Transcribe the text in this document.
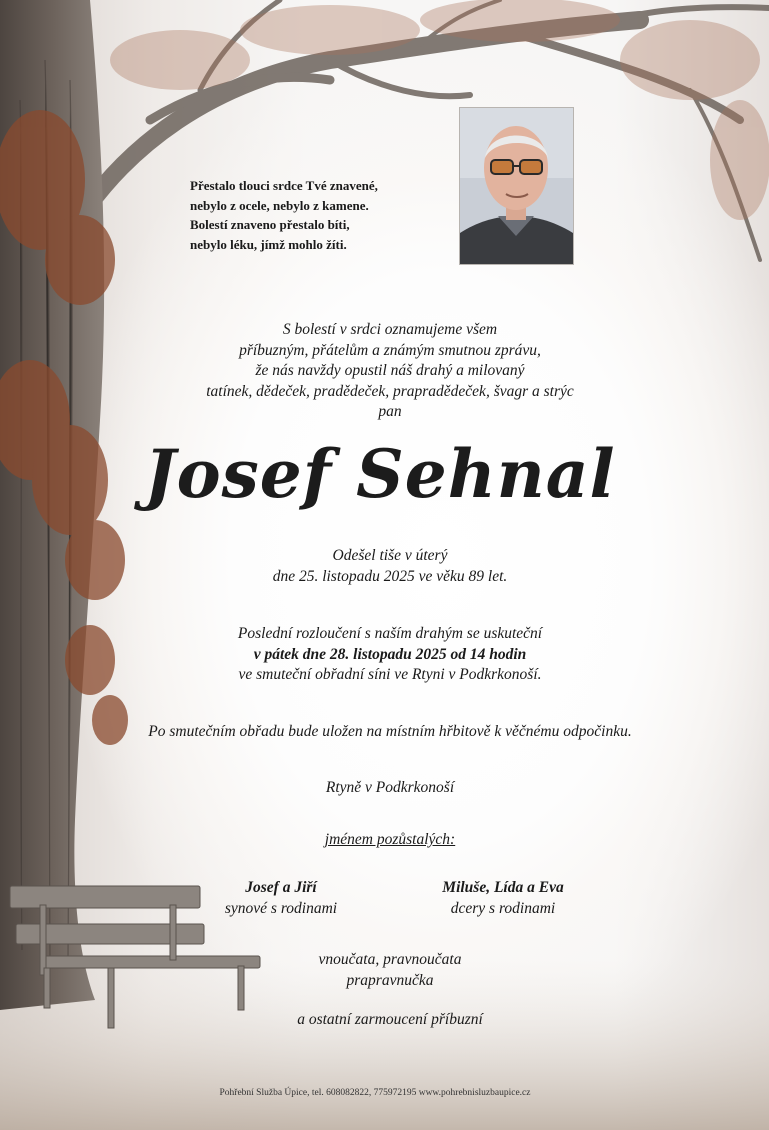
Přestalo tlouci srdce Tvé znavené,
nebylo z ocele, nebylo z kamene.
Bolestí znaveno přestalo bíti,
nebylo léku, jímž mohlo žíti.
S bolestí v srdci oznamujeme všem
příbuzným, přátelům a známým smutnou zprávu,
že nás navždy opustil náš drahý a milovaný
tatínek, dědeček, pradědeček, prapradědeček, švagr a strýc
pan
Josef Sehnal
Odešel tiše v úterý
dne 25. listopadu 2025 ve věku 89 let.
Poslední rozloučení s naším drahým se uskuteční
v pátek dne 28. listopadu 2025 od 14 hodin
ve smuteční obřadní síni ve Rtyni v Podkrkonoší.
Po smutečním obřadu bude uložen na místním hřbitově k věčnému odpočinku.
Rtyně v Podkrkonoší
jménem pozůstalých:
Josef a Jiří
synové s rodinami
Miluše, Lída a Eva
dcery s rodinami
vnoučata, pravnoučata
prapravnučka
a ostatní zarmoucení příbuzní
Pohřební Služba Úpice, tel. 608082822, 775972195 www.pohrebnisluzbaupice.cz
